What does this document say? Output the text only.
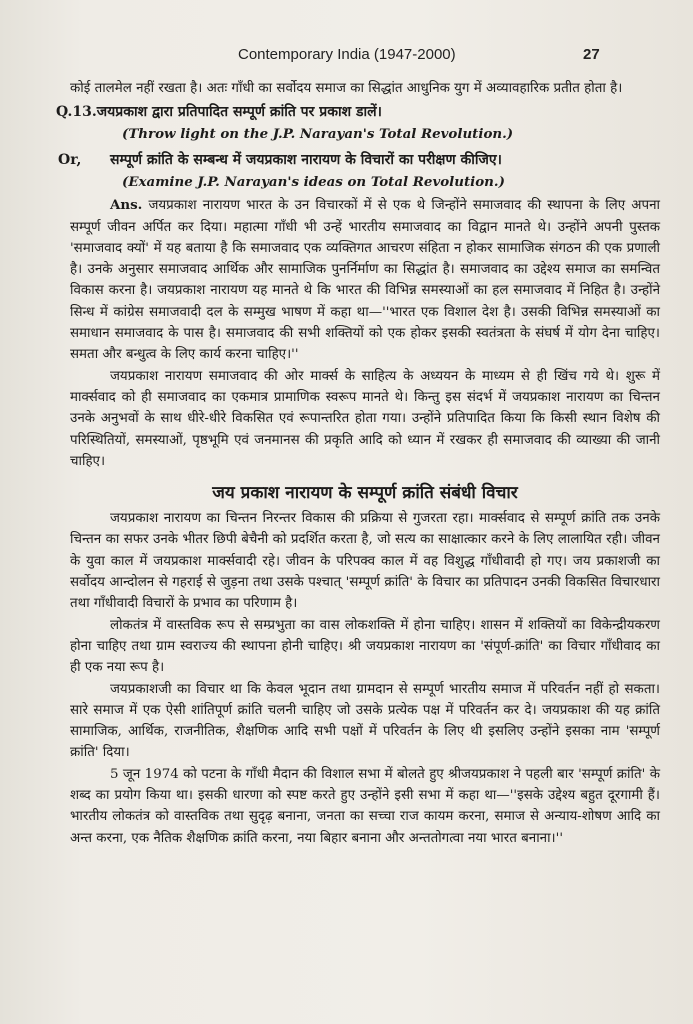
Contemporary India (1947-2000)	27

कोई तालमेल नहीं रखता है। अतः गाँधी का सर्वोदय समाज का सिद्धांत आधुनिक युग में अव्यावहारिक प्रतीत होता है।

Q.13.जयप्रकाश द्वारा प्रतिपादित सम्पूर्ण क्रांति पर प्रकाश डालें।
(Throw light on the J.P. Narayan's Total Revolution.)
Or,	सम्पूर्ण क्रांति के सम्बन्ध में जयप्रकाश नारायण के विचारों का परीक्षण कीजिए।
(Examine J.P. Narayan's ideas on Total Revolution.)

Ans. जयप्रकाश नारायण भारत के उन विचारकों में से एक थे जिन्होंने समाजवाद की स्थापना के लिए अपना सम्पूर्ण जीवन अर्पित कर दिया। महात्मा गाँधी भी उन्हें भारतीय समाजवाद का विद्वान मानते थे। उन्होंने अपनी पुस्तक 'समाजवाद क्यों' में यह बताया है कि समाजवाद एक व्यक्तिगत आचरण संहिता न होकर सामाजिक संगठन की एक प्रणाली है। उनके अनुसार समाजवाद आर्थिक और सामाजिक पुनर्निर्माण का सिद्धांत है। समाजवाद का उद्देश्य समाज का समन्वित विकास करना है। जयप्रकाश नारायण यह मानते थे कि भारत की विभिन्न समस्याओं का हल समाजवाद में निहित है। उन्होंने सिन्ध में कांग्रेस समाजवादी दल के सम्मुख भाषण में कहा था—''भारत एक विशाल देश है। उसकी विभिन्न समस्याओं का समाधान समाजवाद के पास है। समाजवाद की सभी शक्तियों को एक होकर इसकी स्वतंत्रता के संघर्ष में योग देना चाहिए। समता और बन्धुत्व के लिए कार्य करना चाहिए।''

जयप्रकाश नारायण समाजवाद की ओर मार्क्स के साहित्य के अध्ययन के माध्यम से ही खिंच गये थे। शुरू में मार्क्सवाद को ही समाजवाद का एकमात्र प्रामाणिक स्वरूप मानते थे। किन्तु इस संदर्भ में जयप्रकाश नारायण का चिन्तन उनके अनुभवों के साथ धीरे-धीरे विकसित एवं रूपान्तरित होता गया। उन्होंने प्रतिपादित किया कि किसी स्थान विशेष की परिस्थितियों, समस्याओं, पृष्ठभूमि एवं जनमानस की प्रकृति आदि को ध्यान में रखकर ही समाजवाद की व्याख्या की जानी चाहिए।

जय प्रकाश नारायण के सम्पूर्ण क्रांति संबंधी विचार

जयप्रकाश नारायण का चिन्तन निरन्तर विकास की प्रक्रिया से गुजरता रहा। मार्क्सवाद से सम्पूर्ण क्रांति तक उनके चिन्तन का सफर उनके भीतर छिपी बेचैनी को प्रदर्शित करता है, जो सत्य का साक्षात्कार करने के लिए लालायित रही। जीवन के युवा काल में जयप्रकाश मार्क्सवादी रहे। जीवन के परिपक्व काल में वह विशुद्ध गाँधीवादी हो गए। जय प्रकाशजी का सर्वोदय आन्दोलन से गहराई से जुड़ना तथा उसके पश्चात् 'सम्पूर्ण क्रांति' के विचार का प्रतिपादन उनकी विकसित विचारधारा तथा गाँधीवादी विचारों के प्रभाव का परिणाम है।

लोकतंत्र में वास्तविक रूप से सम्प्रभुता का वास लोकशक्ति में होना चाहिए। शासन में शक्तियों का विकेन्द्रीयकरण होना चाहिए तथा ग्राम स्वराज्य की स्थापना होनी चाहिए। श्री जयप्रकाश नारायण का 'संपूर्ण-क्रांति' का विचार गाँधीवाद का ही एक नया रूप है।

जयप्रकाशजी का विचार था कि केवल भूदान तथा ग्रामदान से सम्पूर्ण भारतीय समाज में परिवर्तन नहीं हो सकता। सारे समाज में एक ऐसी शांतिपूर्ण क्रांति चलनी चाहिए जो उसके प्रत्येक पक्ष में परिवर्तन कर दे। जयप्रकाश की यह क्रांति सामाजिक, आर्थिक, राजनीतिक, शैक्षणिक आदि सभी पक्षों में परिवर्तन के लिए थी इसलिए उन्होंने इसका नाम 'सम्पूर्ण क्रांति' दिया।

5 जून 1974 को पटना के गाँधी मैदान की विशाल सभा में बोलते हुए श्रीजयप्रकाश ने पहली बार 'सम्पूर्ण क्रांति' के शब्द का प्रयोग किया था। इसकी धारणा को स्पष्ट करते हुए उन्होंने इसी सभा में कहा था—''इसके उद्देश्य बहुत दूरगामी हैं। भारतीय लोकतंत्र को वास्तविक तथा सुदृढ़ बनाना, जनता का सच्चा राज कायम करना, समाज से अन्याय-शोषण आदि का अन्त करना, एक नैतिक शैक्षणिक क्रांति करना, नया बिहार बनाना और अन्ततोगत्वा नया भारत बनाना।''
